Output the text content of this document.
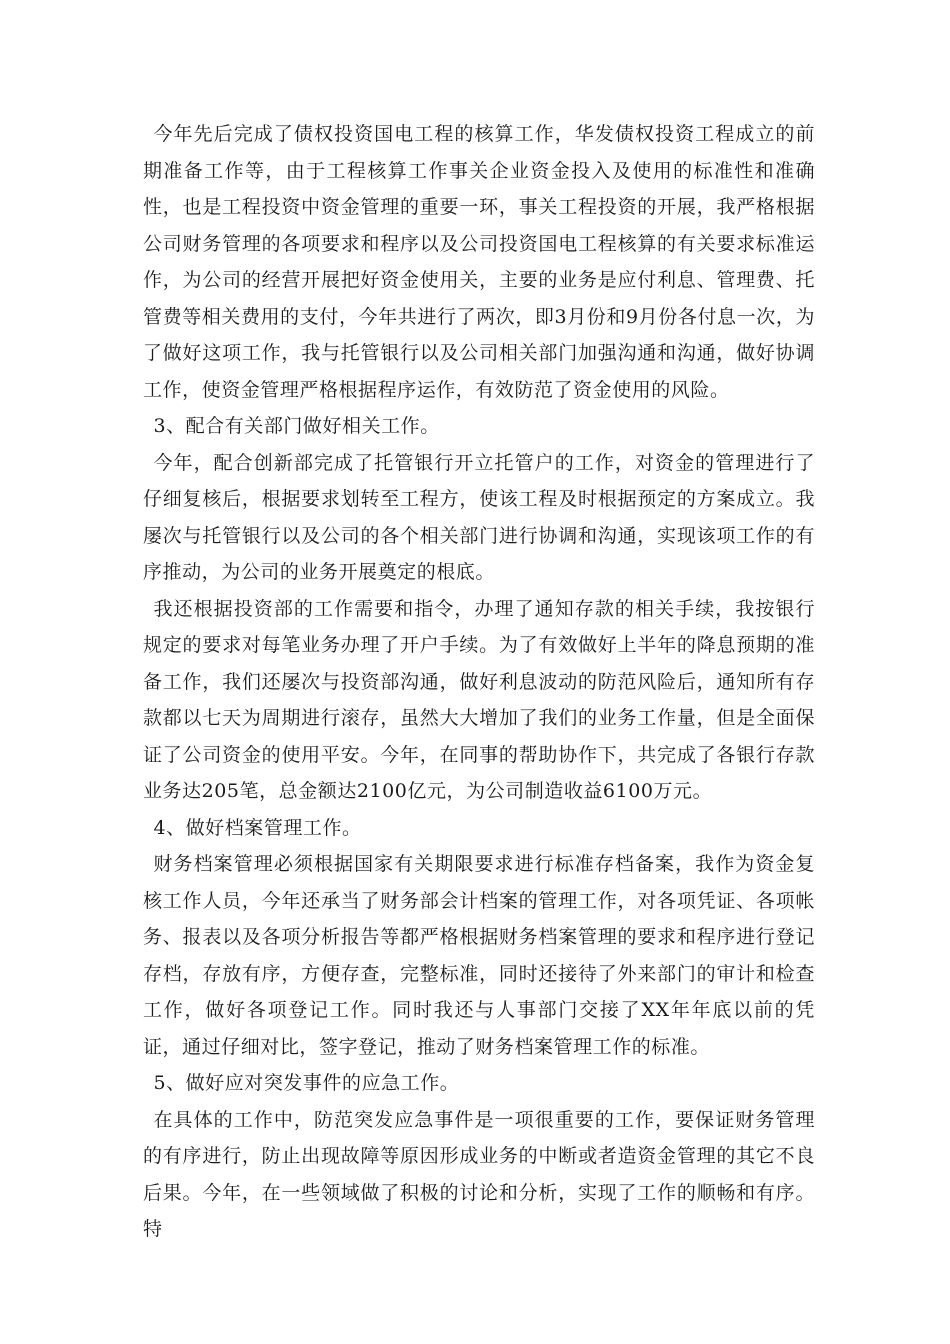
今年先后完成了债权投资国电工程的核算工作，华发债权投资工程成立的前期准备工作等，由于工程核算工作事关企业资金投入及使用的标准性和准确性，也是工程投资中资金管理的重要一环，事关工程投资的开展，我严格根据公司财务管理的各项要求和程序以及公司投资国电工程核算的有关要求标准运作，为公司的经营开展把好资金使用关，主要的业务是应付利息、管理费、托管费等相关费用的支付，今年共进行了两次，即3月份和9月份各付息一次，为了做好这项工作，我与托管银行以及公司相关部门加强沟通和沟通，做好协调工作，使资金管理严格根据程序运作，有效防范了资金使用的风险。

3、配合有关部门做好相关工作。

今年，配合创新部完成了托管银行开立托管户的工作，对资金的管理进行了仔细复核后，根据要求划转至工程方，使该工程及时根据预定的方案成立。我屡次与托管银行以及公司的各个相关部门进行协调和沟通，实现该项工作的有序推动，为公司的业务开展奠定的根底。

我还根据投资部的工作需要和指令，办理了通知存款的相关手续，我按银行规定的要求对每笔业务办理了开户手续。为了有效做好上半年的降息预期的准备工作，我们还屡次与投资部沟通，做好利息波动的防范风险后，通知所有存款都以七天为周期进行滚存，虽然大大增加了我们的业务工作量，但是全面保证了公司资金的使用平安。今年，在同事的帮助协作下，共完成了各银行存款业务达205笔，总金额达2100亿元，为公司制造收益6100万元。

4、做好档案管理工作。

财务档案管理必须根据国家有关期限要求进行标准存档备案，我作为资金复核工作人员，今年还承当了财务部会计档案的管理工作，对各项凭证、各项帐务、报表以及各项分析报告等都严格根据财务档案管理的要求和程序进行登记存档，存放有序，方便存查，完整标准，同时还接待了外来部门的审计和检查工作，做好各项登记工作。同时我还与人事部门交接了XX年年底以前的凭证，通过仔细对比，签字登记，推动了财务档案管理工作的标准。

5、做好应对突发事件的应急工作。

在具体的工作中，防范突发应急事件是一项很重要的工作，要保证财务管理的有序进行，防止出现故障等原因形成业务的中断或者造资金管理的其它不良后果。今年，在一些领域做了积极的讨论和分析，实现了工作的顺畅和有序。特
